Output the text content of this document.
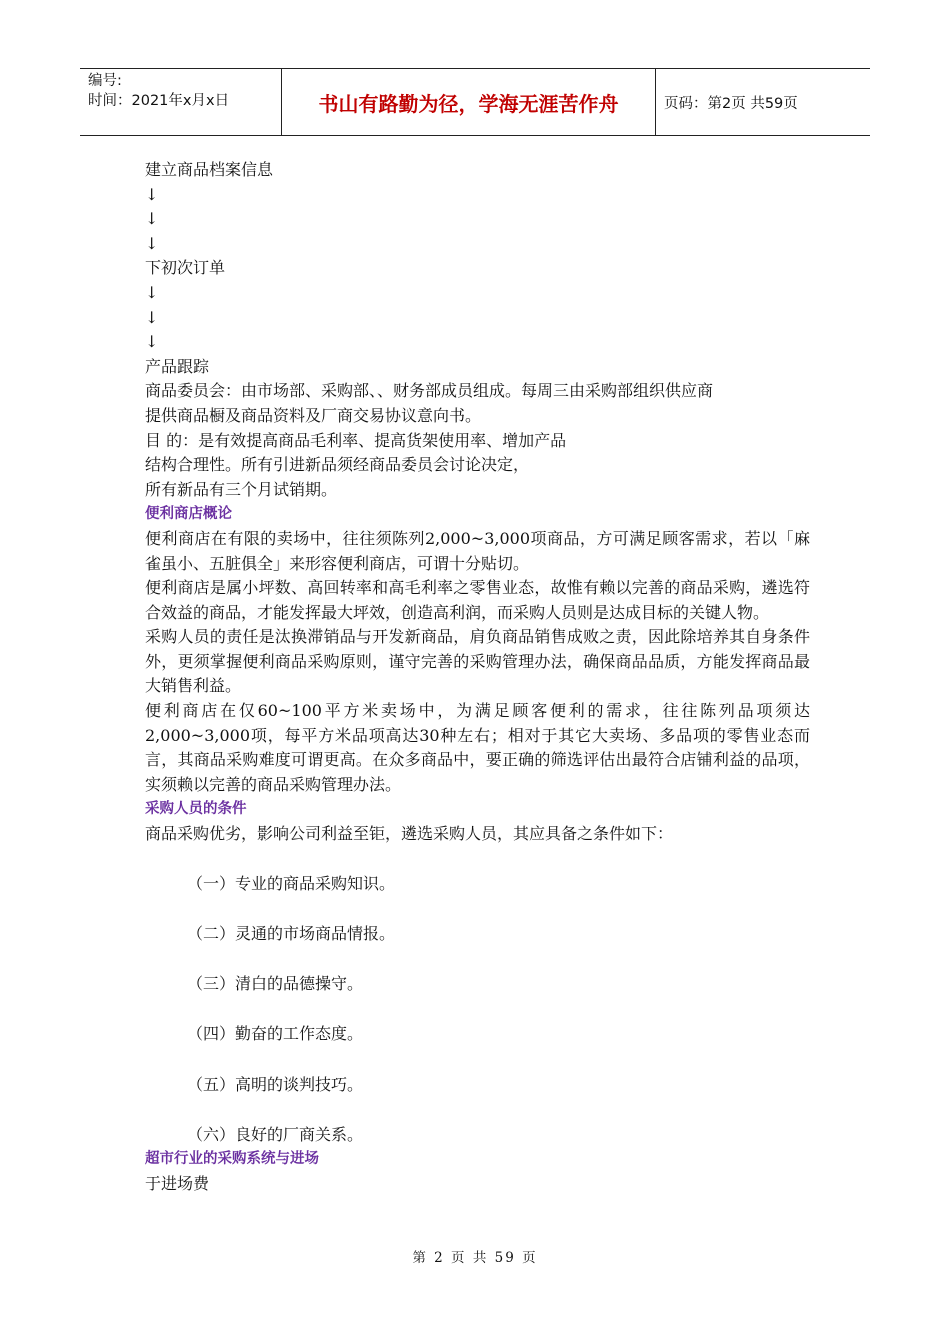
编号:
时间：2021年x月x日	书山有路勤为径，学海无涯苦作舟	页码：第2页 共59页
建立商品档案信息
↓
↓
↓
下初次订单
↓
↓
↓
产品跟踪
商品委员会：由市场部、采购部、、财务部成员组成。每周三由采购部组织供应商
提供商品橱及商品资料及厂商交易协议意向书。
目 的：是有效提高商品毛利率、提高货架使用率、增加产品
结构合理性。所有引进新品须经商品委员会讨论决定，
所有新品有三个月试销期。
便利商店概论
便利商店在有限的卖场中，往往须陈列2,000~3,000项商品，方可满足顾客需求，若以「麻雀虽小、五脏俱全」来形容便利商店，可谓十分贴切。
便利商店是属小坪数、高回转率和高毛利率之零售业态，故惟有赖以完善的商品采购，遴选符合效益的商品，才能发挥最大坪效，创造高利润，而采购人员则是达成目标的关键人物。
采购人员的责任是汰换滞销品与开发新商品，肩负商品销售成败之责，因此除培养其自身条件外，更须掌握便利商品采购原则，谨守完善的采购管理办法，确保商品品质，方能发挥商品最大销售利益。
便利商店在仅60~100平方米卖场中，为满足顾客便利的需求，往往陈列品项须达2,000~3,000项，每平方米品项高达30种左右；相对于其它大卖场、多品项的零售业态而言，其商品采购难度可谓更高。在众多商品中，要正确的筛选评估出最符合店铺利益的品项，实须赖以完善的商品采购管理办法。
采购人员的条件
商品采购优劣，影响公司利益至钜，遴选采购人员，其应具备之条件如下：
（一）专业的商品采购知识。
（二）灵通的市场商品情报。
（三）清白的品德操守。
（四）勤奋的工作态度。
（五）高明的谈判技巧。
（六）良好的厂商关系。
超市行业的采购系统与进场
于进场费
第 2 页 共 59 页
